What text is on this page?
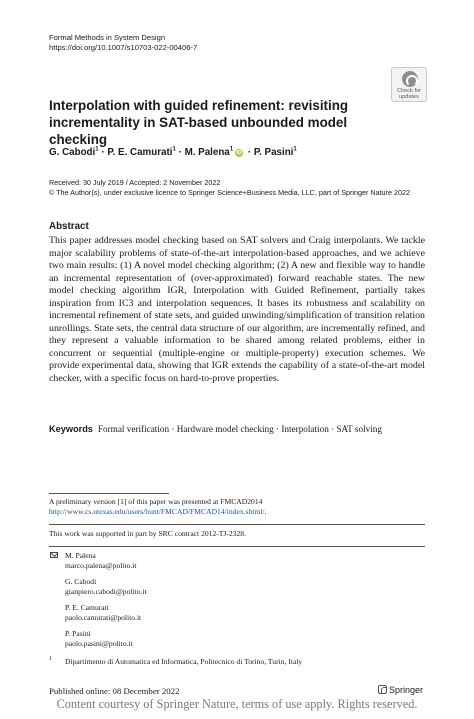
Formal Methods in System Design
https://doi.org/10.1007/s10703-022-00406-7
Check for
updates
Interpolation with guided refinement: revisiting incrementality in SAT-based unbounded model checking
G. Cabodi$^1$ · P. E. Camurati$^1$ · M. Palena$^1$iD · P. Pasini$^1$
Received: 30 July 2019 / Accepted: 2 November 2022
© The Author(s), under exclusive licence to Springer Science+Business Media, LLC, part of Springer Nature 2022
Abstract
This paper addresses model checking based on SAT solvers and Craig interpolants. We tackle major scalability problems of state-of-the-art interpolation-based approaches, and we achieve two main results: (1) A novel model checking algorithm; (2) A new and flexible way to handle an incremental representation of (over-approximated) forward reachable states. The new model checking algorithm IGR, Interpolation with Guided Refinement, partially takes inspiration from IC3 and interpolation sequences. It bases its robustness and scalability on incremental refinement of state sets, and guided unwinding/simplification of transition relation unrollings. State sets, the central data structure of our algorithm, are incrementally refined, and they represent a valuable information to be shared among related problems, either in concurrent or sequential (multiple-engine or multiple-property) execution schemes. We provide experimental data, showing that IGR extends the capability of a state-of-the-art model checker, with a specific focus on hard-to-prove properties.
Keywords Formal verification · Hardware model checking · Interpolation · SAT solving
A preliminary version [1] of this paper was presented at FMCAD2014 http://www.cs.utexas.edu/users/hunt/FMCAD/FMCAD14/index.shtml/.
This work was supported in part by SRC contract 2012-TJ-2328.
M. Palena
marco.palena@polito.it
G. Cabodi
gianpiero.cabodi@polito.it
P. E. Camurati
paolo.camurati@polito.it
P. Pasini
paolo.pasini@polito.it
1 Dipartimento di Automatica ed Informatica, Politecnico di Torino, Turin, Italy
Published online: 08 December 2022	Springer
Content courtesy of Springer Nature, terms of use apply. Rights reserved.
